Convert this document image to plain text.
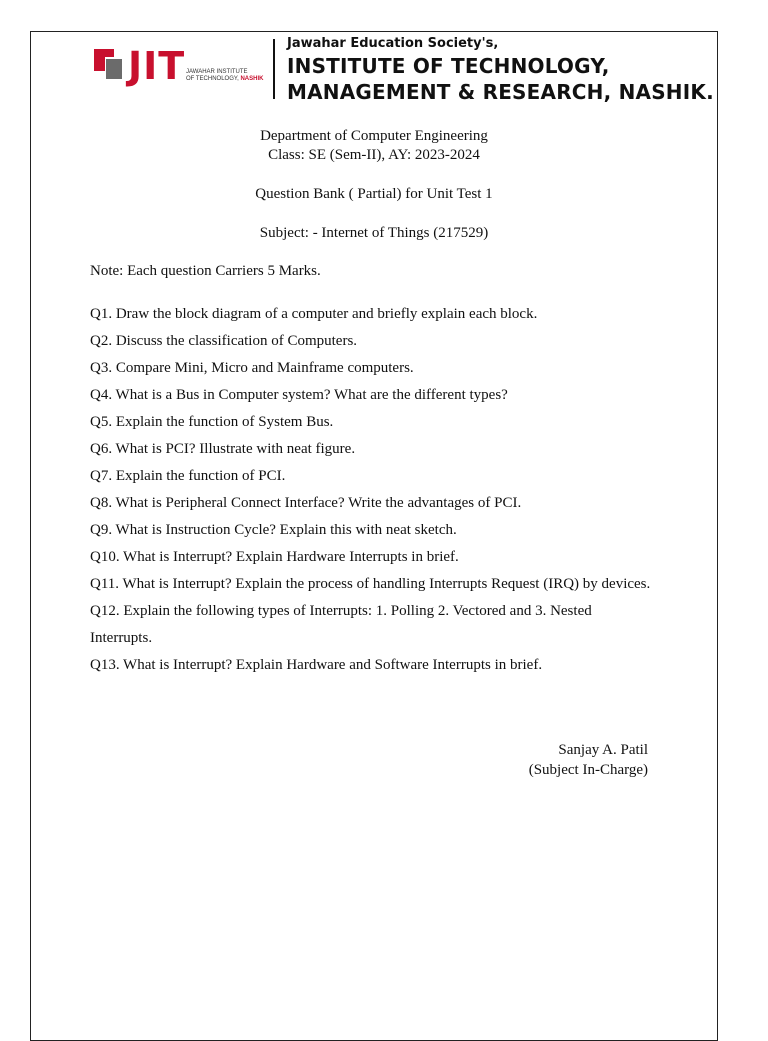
JIT JAWAHAR INSTITUTE
OF TECHNOLOGY, NASHIK
Jawahar Education Society's,
INSTITUTE OF TECHNOLOGY,
MANAGEMENT & RESEARCH, NASHIK.
Department of Computer Engineering
Class: SE (Sem-II), AY: 2023-2024
Question Bank ( Partial) for Unit Test 1
Subject: - Internet of Things (217529)
Note: Each question Carriers 5 Marks.
Q1. Draw the block diagram of a computer and briefly explain each block.
Q2. Discuss the classification of Computers.
Q3. Compare Mini, Micro and Mainframe computers.
Q4. What is a Bus in Computer system? What are the different types?
Q5. Explain the function of System Bus.
Q6. What is PCI? Illustrate with neat figure.
Q7. Explain the function of PCI.
Q8. What is Peripheral Connect Interface? Write the advantages of PCI.
Q9. What is Instruction Cycle? Explain this with neat sketch.
Q10. What is Interrupt? Explain Hardware Interrupts in brief.
Q11. What is Interrupt? Explain the process of handling Interrupts Request (IRQ) by devices.
Q12. Explain the following types of Interrupts: 1. Polling 2. Vectored and 3. Nested
Interrupts.
Q13. What is Interrupt? Explain Hardware and Software Interrupts in brief.
Sanjay A. Patil
(Subject In-Charge)
